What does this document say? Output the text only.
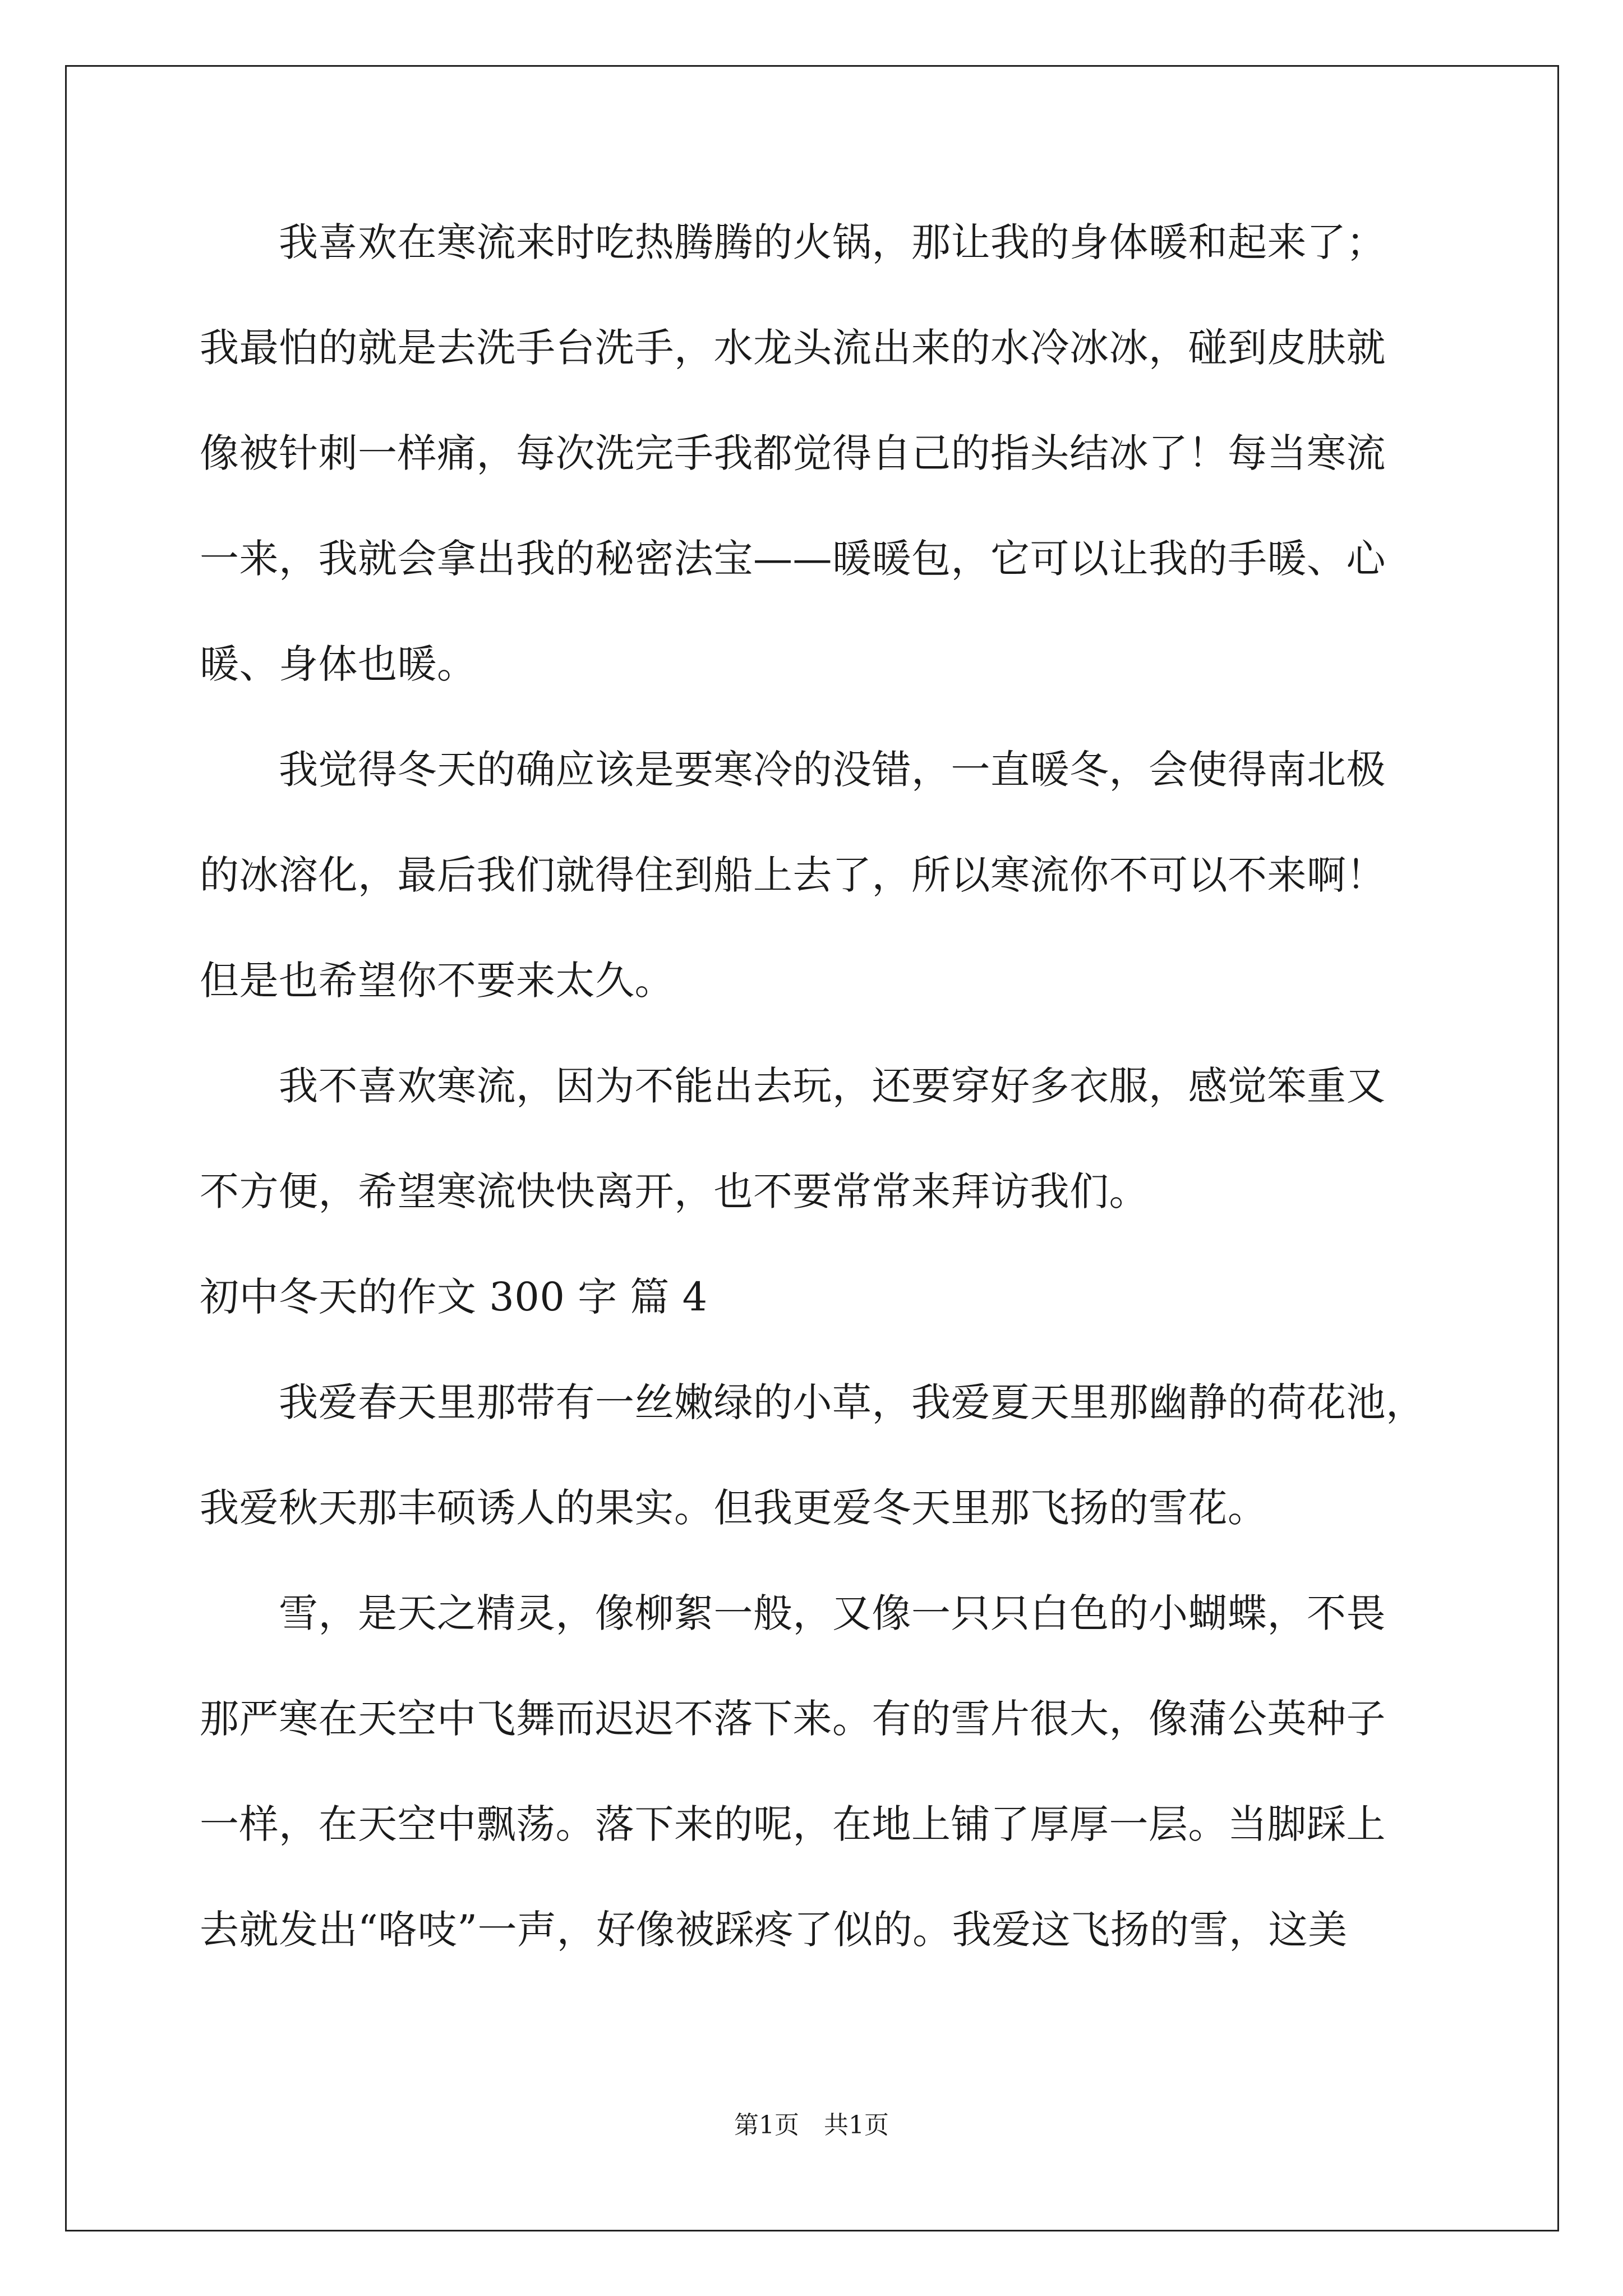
　　我喜欢在寒流来时吃热腾腾的火锅，那让我的身体暖和起来了；
我最怕的就是去洗手台洗手，水龙头流出来的水冷冰冰，碰到皮肤就
像被针刺一样痛，每次洗完手我都觉得自己的指头结冰了！每当寒流
一来，我就会拿出我的秘密法宝——暖暖包，它可以让我的手暖、心
暖、身体也暖。
　　我觉得冬天的确应该是要寒冷的没错，一直暖冬，会使得南北极
的冰溶化，最后我们就得住到船上去了，所以寒流你不可以不来啊！
但是也希望你不要来太久。
　　我不喜欢寒流，因为不能出去玩，还要穿好多衣服，感觉笨重又
不方便，希望寒流快快离开，也不要常常来拜访我们。
初中冬天的作文 300 字 篇 4
　　我爱春天里那带有一丝嫩绿的小草，我爱夏天里那幽静的荷花池，
我爱秋天那丰硕诱人的果实。但我更爱冬天里那飞扬的雪花。
　　雪，是天之精灵，像柳絮一般，又像一只只白色的小蝴蝶，不畏
那严寒在天空中飞舞而迟迟不落下来。有的雪片很大，像蒲公英种子
一样，在天空中飘荡。落下来的呢，在地上铺了厚厚一层。当脚踩上
去就发出“咯吱”一声，好像被踩疼了似的。我爱这飞扬的雪，这美
第1页　共1页
